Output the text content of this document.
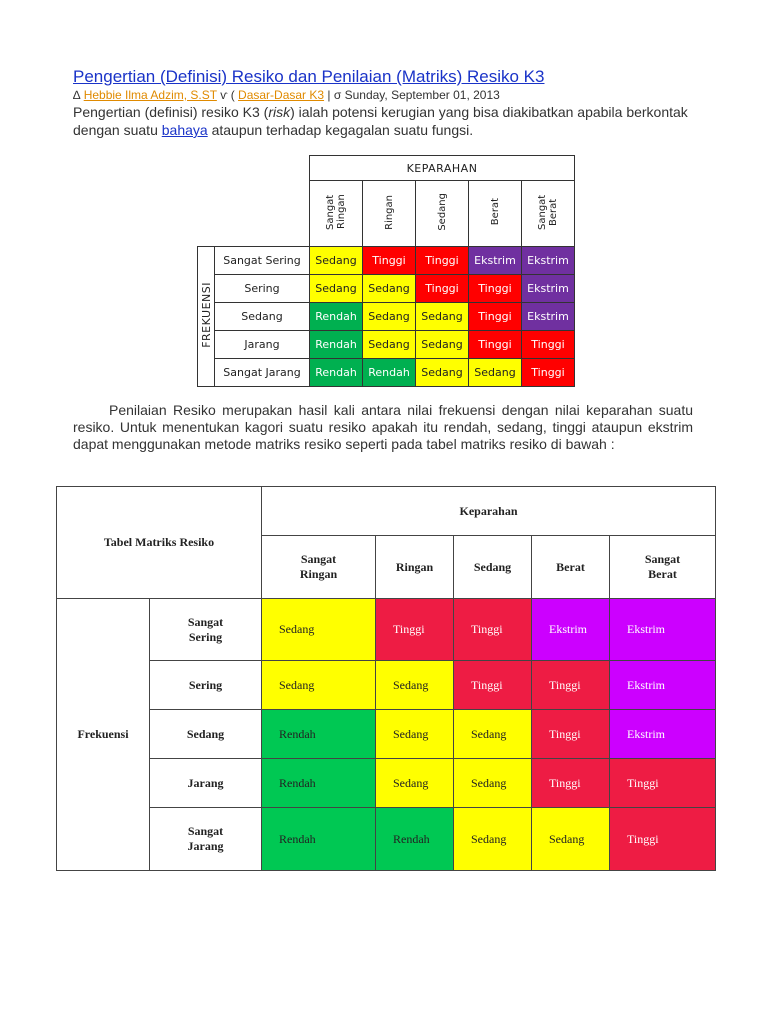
Pengertian (Definisi) Resiko dan Penilaian (Matriks) Resiko K3
∆ Hebbie Ilma Adzim, S.ST ⱱ ( Dasar-Dasar K3 | σ Sunday, September 01, 2013
Pengertian (definisi) resiko K3 (risk) ialah potensi kerugian yang bisa diakibatkan apabila berkontak dengan suatu bahaya ataupun terhadap kegagalan suatu fungsi.
		KEPARAHAN				
		Sangat Ringan	Ringan	Sedang	Berat	Sangat Berat
FREKUENSI	Sangat Sering	Sedang	Tinggi	Tinggi	Ekstrim	Ekstrim
	Sering	Sedang	Sedang	Tinggi	Tinggi	Ekstrim
	Sedang	Rendah	Sedang	Sedang	Tinggi	Ekstrim
	Jarang	Rendah	Sedang	Sedang	Tinggi	Tinggi
	Sangat Jarang	Rendah	Rendah	Sedang	Sedang	Tinggi
Penilaian Resiko merupakan hasil kali antara nilai frekuensi dengan nilai keparahan suatu resiko. Untuk menentukan kagori suatu resiko apakah itu rendah, sedang, tinggi ataupun ekstrim dapat menggunakan metode matriks resiko seperti pada tabel matriks resiko di bawah :
Tabel Matriks Resiko		Keparahan				
		Sangat Ringan	Ringan	Sedang	Berat	Sangat Berat
Frekuensi	Sangat Sering	Sedang	Tinggi	Tinggi	Ekstrim	Ekstrim
	Sering	Sedang	Sedang	Tinggi	Tinggi	Ekstrim
	Sedang	Rendah	Sedang	Sedang	Tinggi	Ekstrim
	Jarang	Rendah	Sedang	Sedang	Tinggi	Tinggi
	Sangat Jarang	Rendah	Rendah	Sedang	Sedang	Tinggi
